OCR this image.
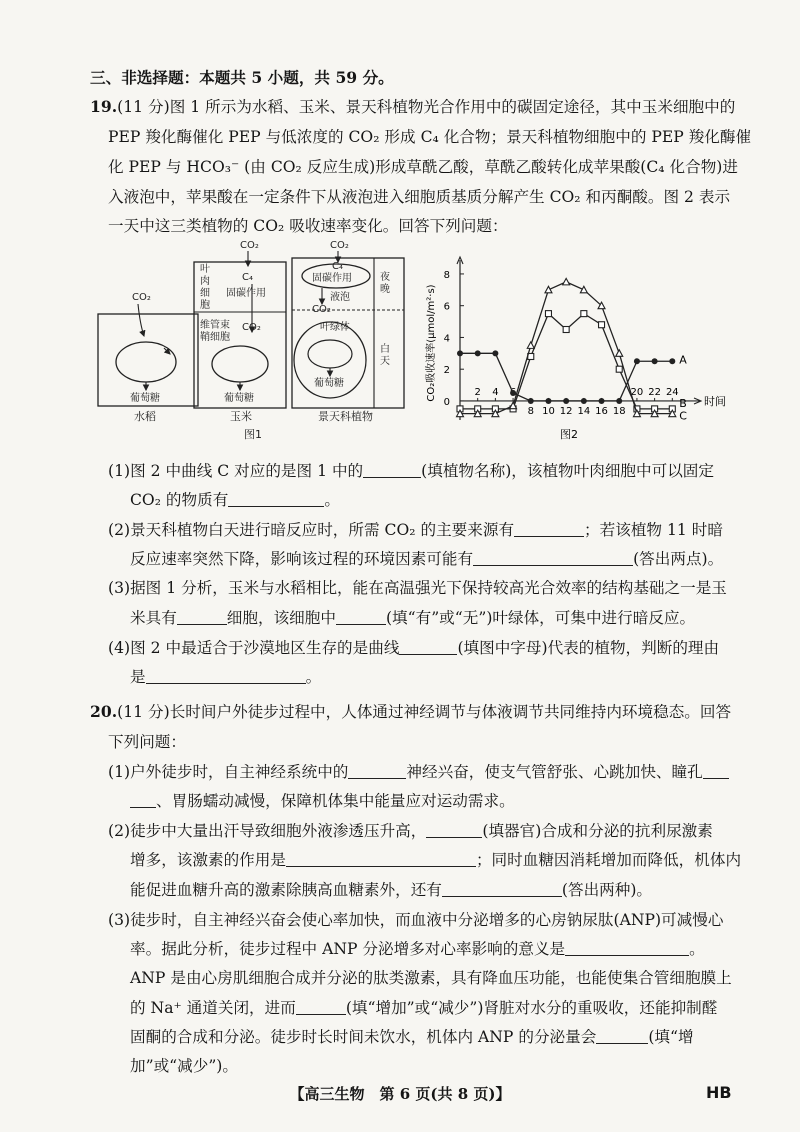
三、非选择题：本题共 5 小题，共 59 分。
19.(11 分)图 1 所示为水稻、玉米、景天科植物光合作用中的碳固定途径，其中玉米细胞中的
PEP 羧化酶催化 PEP 与低浓度的 CO₂ 形成 C₄ 化合物；景天科植物细胞中的 PEP 羧化酶催
化 PEP 与 HCO₃⁻ (由 CO₂ 反应生成)形成草酰乙酸，草酰乙酸转化成苹果酸(C₄ 化合物)进
入液泡中，苹果酸在一定条件下从液泡进入细胞质基质分解产生 CO₂ 和丙酮酸。图 2 表示
一天中这三类植物的 CO₂ 吸收速率变化。回答下列问题：
CO₂
葡萄糖
水稻
CO₂
叶
肉
细
胞
C₄
固碳作用
维管束
鞘细胞
CO₂
葡萄糖
玉米
CO₂
C₄
固碳作用
液泡
CO₂
叶绿体
葡萄糖
夜
晚
白
天
景天科植物
图1
时间
0
2
4
6
8
2 4
8 10 12 14 16 18
20 22 24
CO₂吸收速率(μmol/m²·s)	A
B
C
图2
(1)图 2 中曲线 C 对应的是图 1 中的	(填植物名称)，该植物叶肉细胞中可以固定
CO₂ 的物质有	。
(2)景天科植物白天进行暗反应时，所需 CO₂ 的主要来源有	；若该植物 11 时暗
反应速率突然下降，影响该过程的环境因素可能有	(答出两点)。
(3)据图 1 分析，玉米与水稻相比，能在高温强光下保持较高光合效率的结构基础之一是玉
米具有	细胞，该细胞中	(填“有”或“无”)叶绿体，可集中进行暗反应。
(4)图 2 中最适合于沙漠地区生存的是曲线	(填图中字母)代表的植物，判断的理由
是	。
20.(11 分)长时间户外徒步过程中，人体通过神经调节与体液调节共同维持内环境稳态。回答
下列问题：
(1)户外徒步时，自主神经系统中的	神经兴奋，使支气管舒张、心跳加快、瞳孔
、胃肠蠕动减慢，保障机体集中能量应对运动需求。
(2)徒步中大量出汗导致细胞外液渗透压升高，	(填器官)合成和分泌的抗利尿激素
增多，该激素的作用是	；同时血糖因消耗增加而降低，机体内
能促进血糖升高的激素除胰高血糖素外，还有	(答出两种)。
(3)徒步时，自主神经兴奋会使心率加快，而血液中分泌增多的心房钠尿肽(ANP)可减慢心
率。据此分析，徒步过程中 ANP 分泌增多对心率影响的意义是	。
ANP 是由心房肌细胞合成并分泌的肽类激素，具有降血压功能，也能使集合管细胞膜上
的 Na⁺ 通道关闭，进而	(填“增加”或“减少”)肾脏对水分的重吸收，还能抑制醛
固酮的合成和分泌。徒步时长时间未饮水，机体内 ANP 的分泌量会	(填“增
加”或“减少”)。
【高三生物　第 6 页(共 8 页)】	HB
